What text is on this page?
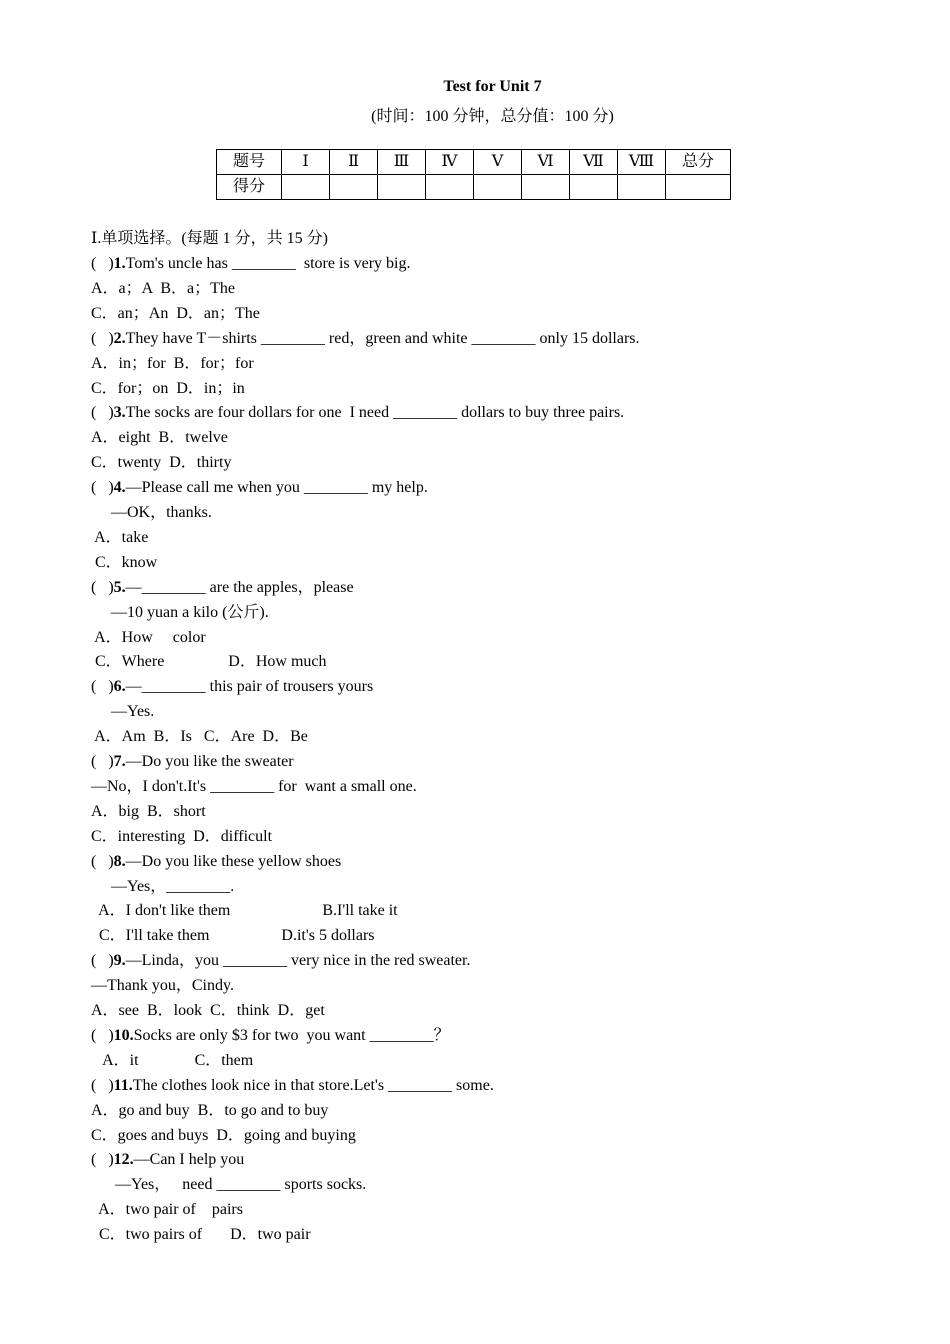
Test for Unit 7
(时间：100 分钟，总分值：100 分)
题号	Ⅰ	Ⅱ	Ⅲ	Ⅳ	Ⅴ	Ⅵ	Ⅶ	Ⅷ	总分
得分									
Ⅰ.单项选择。(每题 1 分，共 15 分)
(   )1.Tom's uncle has ________  store is very big.
A．a；A  B．a；The
C．an；An  D．an；The
(   )2.They have T－shirts ________ red，green and white ________ only 15 dollars.
A．in；for  B．for；for
C．for；on  D．in；in
(   )3.The socks are four dollars for one  I need ________ dollars to buy three pairs.
A．eight  B．twelve
C．twenty  D．thirty
(   )4.—Please call me when you ________ my help.
—OK，thanks.
A．take
C．know
(   )5.—________ are the apples，please
—10 yuan a kilo (公斤).
A．How     color
C．Where                D．How much
(   )6.—________ this pair of trousers yours
—Yes.
A．Am  B．Is   C．Are  D．Be
(   )7.—Do you like the sweater
—No，I don't.It's ________ for  want a small one.
A．big  B．short
C．interesting  D．difficult
(   )8.—Do you like these yellow shoes
—Yes，________.
A．I don't like them                       B.I'll take it
C．I'll take them                  D.it's 5 dollars
(   )9.—Linda，you ________ very nice in the red sweater.
—Thank you，Cindy.
A．see  B．look  C．think  D．get
(   )10.Socks are only $3 for two  you want ________？
A．it              C．them
(   )11.The clothes look nice in that store.Let's ________ some.
A．go and buy  B．to go and to buy
C．goes and buys  D．going and buying
(   )12.—Can I help you
—Yes，   need ________ sports socks.
A．two pair of    pairs
C．two pairs of       D．two pair
